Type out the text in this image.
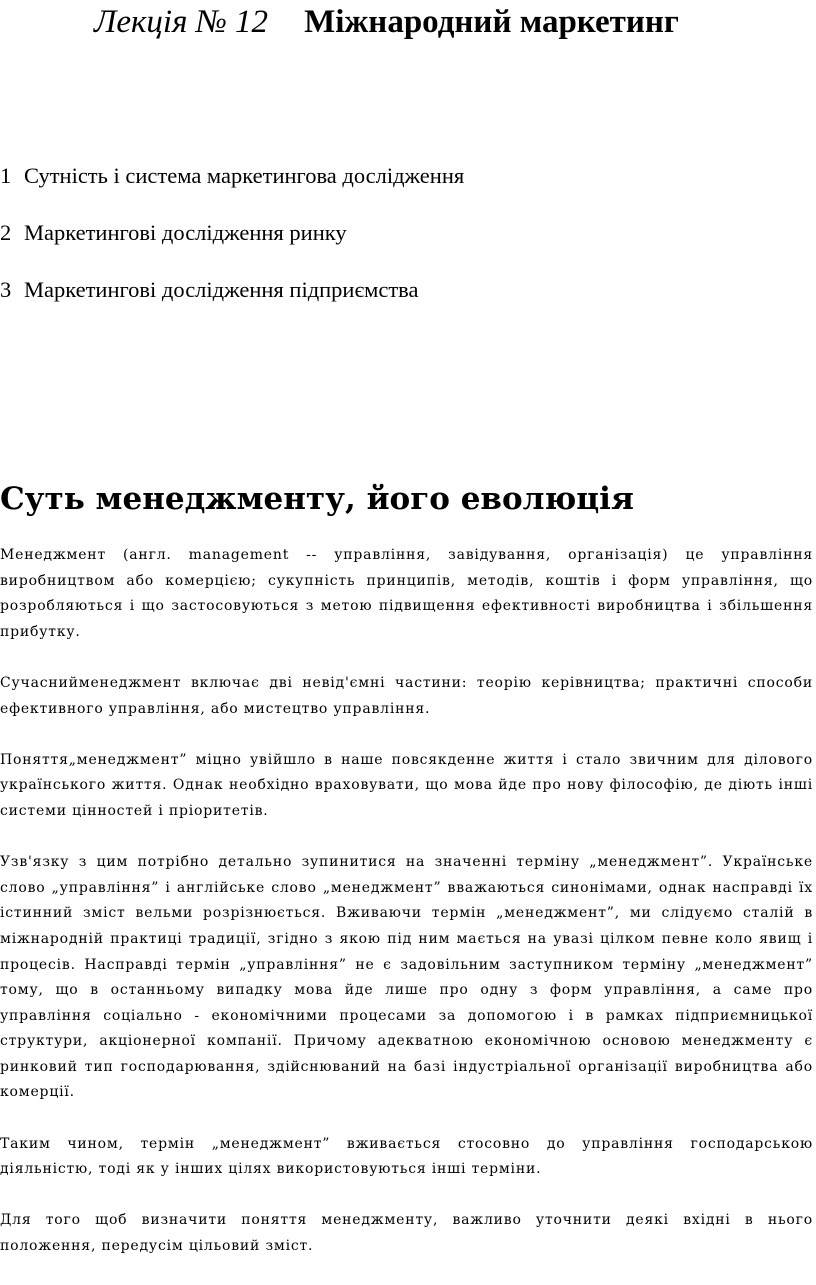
Лекція № 12 Міжнародний маркетинг
1 Сутність і система маркетингова дослідження
2 Маркетингові дослідження ринку
3 Маркетингові дослідження підприємства
Суть менеджменту, його еволюція

Менеджмент (англ. management -- управління, завідування, організація) це управління виробництвом або комерцією; сукупність принципів, методів, коштів і форм управління, що розробляються і що застосовуються з метою підвищення ефективності виробництва і збільшення прибутку.

Сучаснийменеджмент включає дві невід'ємні частини: теорію керівництва; практичні способи ефективного управління, або мистецтво управління.

Поняття„менеджмент” міцно увійшло в наше повсякденне життя і стало звичним для ділового українського життя. Однак необхідно враховувати, що мова йде про нову філософію, де діють інші системи цінностей і пріоритетів.

Узв'язку з цим потрібно детально зупинитися на значенні терміну „менеджмент”. Українське слово „управління” і англійське слово „менеджмент” вважаються синонімами, однак насправді їх істинний зміст вельми розрізнюється. Вживаючи термін „менеджмент”, ми слідуємо сталій в міжнародній практиці традиції, згідно з якою під ним мається на увазі цілком певне коло явищ і процесів. Насправді термін „управління” не є задовільним заступником терміну „менеджмент” тому, що в останньому випадку мова йде лише про одну з форм управління, а саме про управління соціально - економічними процесами за допомогою і в рамках підприємницької структури, акціонерної компанії. Причому адекватною економічною основою менеджменту є ринковий тип господарювання, здійснюваний на базі індустріальної організації виробництва або комерції.

Таким чином, термін „менеджмент” вживається стосовно до управління господарською діяльністю, тоді як у інших цілях використовуються інші терміни.

Для того щоб визначити поняття менеджменту, важливо уточнити деякі вхідні в нього положення, передусім цільовий зміст.
